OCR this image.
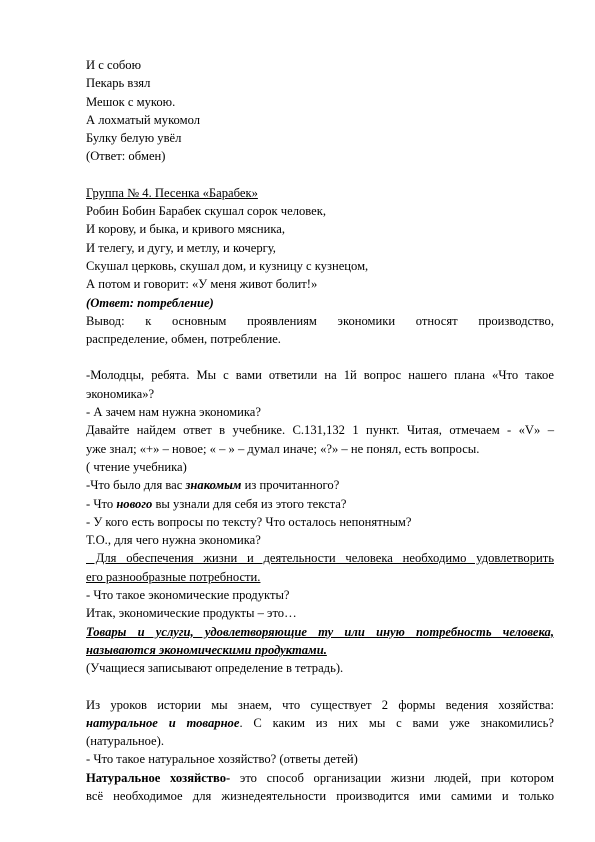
И с собою
Пекарь взял
Мешок с мукою.
А лохматый мукомол
Булку белую увёл
(Ответ: обмен)
Группа № 4. Песенка «Барабек»
Робин Бобин Барабек скушал сорок человек,
И корову, и быка, и кривого мясника,
И телегу, и дугу, и метлу, и кочергу,
Скушал церковь, скушал дом, и кузницу с кузнецом,
А потом и говорит: «У меня живот болит!»
(Ответ: потребление)
Вывод: к основным проявлениям экономики относят производство,
распределение, обмен, потребление.
-Молодцы, ребята. Мы с вами ответили на 1й вопрос нашего плана «Что такое
экономика»?
- А зачем нам нужна экономика?
Давайте найдем ответ в учебнике. С.131,132 1 пункт. Читая, отмечаем - «V» –
уже знал; «+» – новое; « – » – думал иначе; «?» – не понял, есть вопросы.
( чтение учебника)
-Что было для вас знакомым из прочитанного?
- Что нового вы узнали для себя из этого текста?
- У кого есть вопросы по тексту? Что осталось непонятным?
Т.О., для чего нужна экономика?
Для обеспечения жизни и деятельности человека необходимо удовлетворить
его разнообразные потребности.
- Что такое экономические продукты?
Итак, экономические продукты – это…
Товары и услуги, удовлетворяющие ту или иную потребность человека,
называются экономическими продуктами.
(Учащиеся записывают определение в тетрадь).
Из уроков истории мы знаем, что существует 2 формы ведения хозяйства:
натуральное и товарное. С каким из них мы с вами уже знакомились?
(натуральное).
- Что такое натуральное хозяйство? (ответы детей)
Натуральное хозяйство- это способ организации жизни людей, при котором
всё необходимое для жизнедеятельности производится ими самими и только
